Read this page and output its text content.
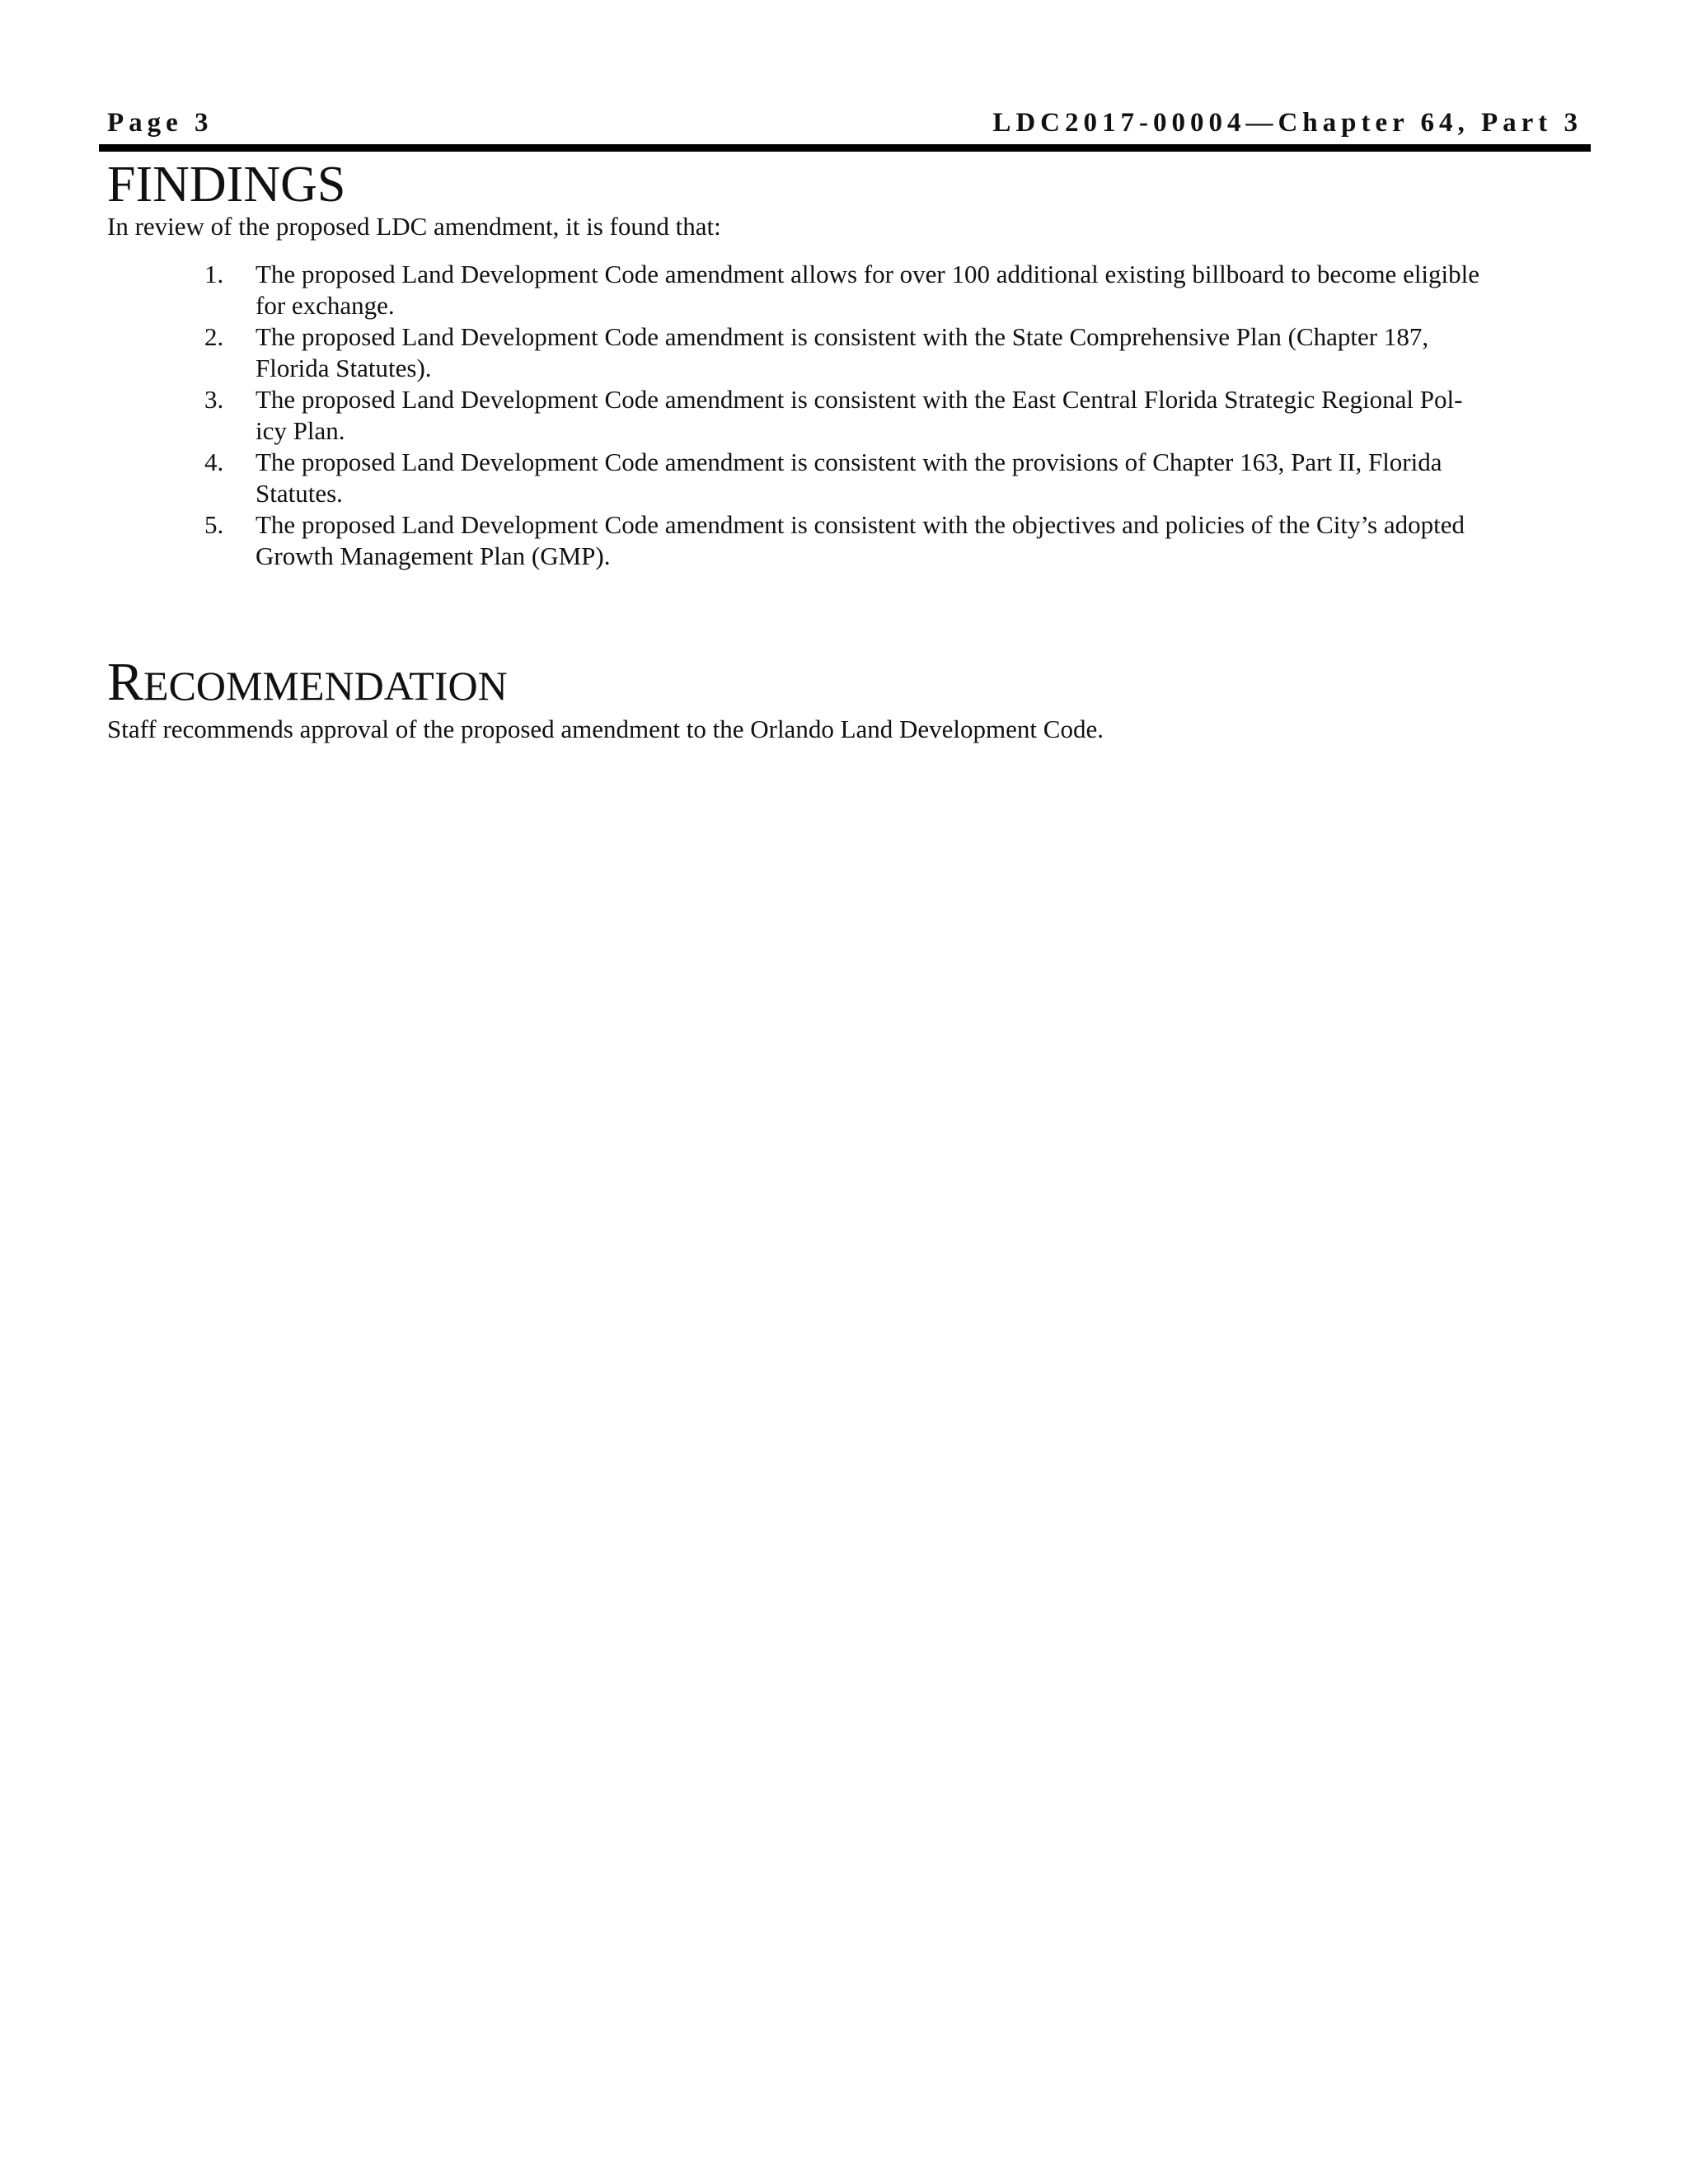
Page 3	LDC2017-00004—Chapter 64, Part 3
FINDINGS
In review of the proposed LDC amendment, it is found that:
1. The proposed Land Development Code amendment allows for over 100 additional existing billboard to become eligible
for exchange.
2. The proposed Land Development Code amendment is consistent with the State Comprehensive Plan (Chapter 187,
Florida Statutes).
3. The proposed Land Development Code amendment is consistent with the East Central Florida Strategic Regional Pol-
icy Plan.
4. The proposed Land Development Code amendment is consistent with the provisions of Chapter 163, Part II, Florida
Statutes.
5. The proposed Land Development Code amendment is consistent with the objectives and policies of the City’s adopted
Growth Management Plan (GMP).
RECOMMENDATION
Staff recommends approval of the proposed amendment to the Orlando Land Development Code.
